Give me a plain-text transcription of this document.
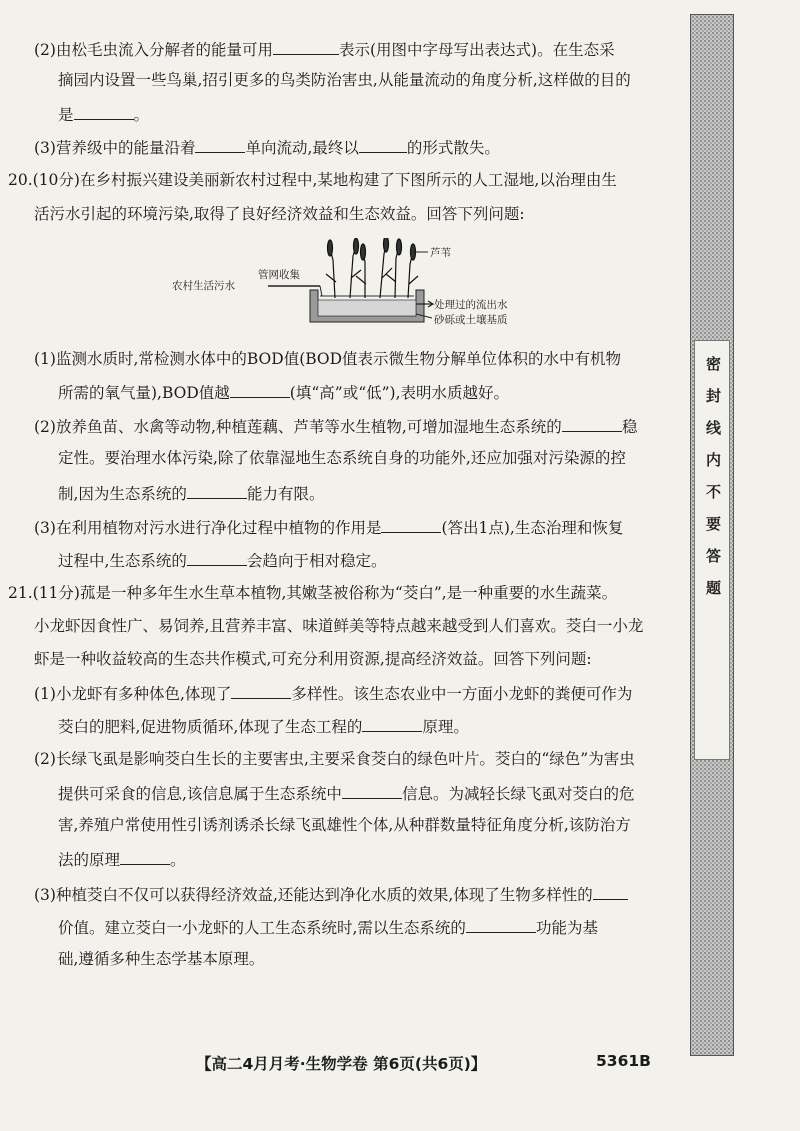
(2)由松毛虫流入分解者的能量可用	表示(用图中字母写出表达式)。在生态采
摘园内设置一些鸟巢,招引更多的鸟类防治害虫,从能量流动的角度分析,这样做的目的
是	。
(3)营养级中的能量沿着	单向流动,最终以	的形式散失。
20.(10分)在乡村振兴建设美丽新农村过程中,某地构建了下图所示的人工湿地,以治理由生
活污水引起的环境污染,取得了良好经济效益和生态效益。回答下列问题:
农村生活污水
管网收集
芦苇
处理过的流出水
砂砾或土壤基质
(1)监测水质时,常检测水体中的BOD值(BOD值表示微生物分解单位体积的水中有机物
所需的氧气量),BOD值越	(填“高”或“低”),表明水质越好。
(2)放养鱼苗、水禽等动物,种植莲藕、芦苇等水生植物,可增加湿地生态系统的	稳
定性。要治理水体污染,除了依靠湿地生态系统自身的功能外,还应加强对污染源的控
制,因为生态系统的	能力有限。
(3)在利用植物对污水进行净化过程中植物的作用是	(答出1点),生态治理和恢复
过程中,生态系统的	会趋向于相对稳定。
21.(11分)菰是一种多年生水生草本植物,其嫩茎被俗称为“茭白”,是一种重要的水生蔬菜。
小龙虾因食性广、易饲养,且营养丰富、味道鲜美等特点越来越受到人们喜欢。茭白一小龙
虾是一种收益较高的生态共作模式,可充分利用资源,提高经济效益。回答下列问题:
(1)小龙虾有多种体色,体现了	多样性。该生态农业中一方面小龙虾的粪便可作为
茭白的肥料,促进物质循环,体现了生态工程的	原理。
(2)长绿飞虱是影响茭白生长的主要害虫,主要采食茭白的绿色叶片。茭白的“绿色”为害虫
提供可采食的信息,该信息属于生态系统中	信息。为减轻长绿飞虱对茭白的危
害,养殖户常使用性引诱剂诱杀长绿飞虱雄性个体,从种群数量特征角度分析,该防治方
法的原理	。
(3)种植茭白不仅可以获得经济效益,还能达到净化水质的效果,体现了生物多样性的
价值。建立茭白一小龙虾的人工生态系统时,需以生态系统的	功能为基
础,遵循多种生态学基本原理。
【高二4月月考·生物学卷 第6页(共6页)】	5361B
密封线内不要答题
